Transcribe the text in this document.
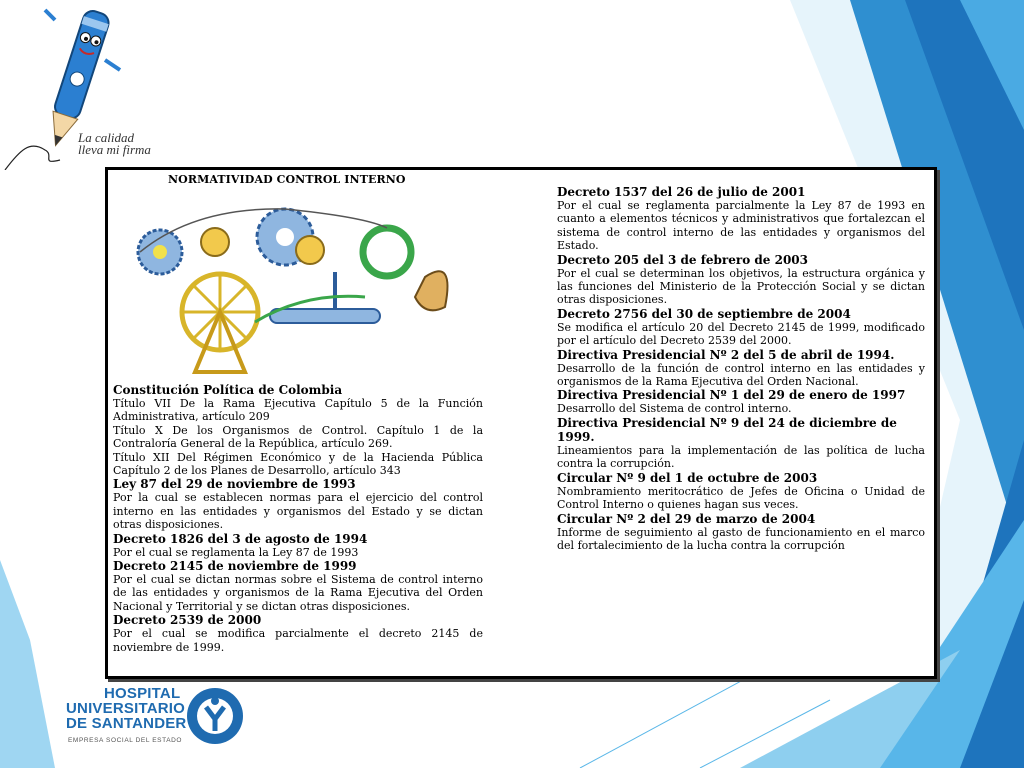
La calidad
lleva mi firma
NORMATIVIDAD CONTROL INTERNO
Constitución Política de Colombia
Título VII De la Rama Ejecutiva Capítulo 5 de la Función Administrativa, artículo 209
Título X De los Organismos de Control. Capítulo 1 de la Contraloría General de la República, artículo 269.
Título XII Del Régimen Económico y de la Hacienda Pública Capítulo 2 de los Planes de Desarrollo, artículo 343
Ley 87 del 29 de noviembre de 1993
Por la cual se establecen normas para el ejercicio del control interno en las entidades y organismos del Estado y se dictan otras disposiciones.
Decreto 1826 del 3 de agosto de 1994
Por el cual se reglamenta la Ley 87 de 1993
Decreto 2145 de noviembre de 1999
Por el cual se dictan normas sobre el Sistema de control interno de las entidades y organismos de la Rama Ejecutiva del Orden Nacional y Territorial y se dictan otras disposiciones.
Decreto 2539 de 2000
Por el cual se modifica parcialmente el decreto 2145 de noviembre de 1999.
Decreto 1537 del 26 de julio de 2001
Por el cual se reglamenta parcialmente la Ley 87 de 1993 en cuanto a elementos técnicos y administrativos que fortalezcan el sistema de control interno de las entidades y organismos del Estado.
Decreto 205 del 3 de febrero de 2003
Por el cual se determinan los objetivos, la estructura orgánica y las funciones del Ministerio de la Protección Social y se dictan otras disposiciones.
Decreto 2756 del 30 de septiembre de 2004
Se modifica el artículo 20 del Decreto 2145 de 1999, modificado por el artículo del Decreto 2539 del 2000.
Directiva Presidencial Nº 2 del 5 de abril de 1994.
Desarrollo de la función de control interno en las entidades y organismos de la Rama Ejecutiva del Orden Nacional.
Directiva Presidencial Nº 1 del 29 de enero de 1997
Desarrollo del Sistema de control interno.
Directiva Presidencial Nº 9 del 24 de diciembre de 1999.
Lineamientos para la implementación de las política de lucha contra la corrupción.
Circular Nº 9 del 1 de octubre de 2003
Nombramiento meritocrático de Jefes de Oficina o Unidad de Control Interno o quienes hagan sus veces.
Circular Nº 2 del 29 de marzo de 2004
Informe de seguimiento al gasto de funcionamiento en el marco del fortalecimiento de la lucha contra la corrupción
HOSPITAL
UNIVERSITARIO
DE SANTANDER
EMPRESA SOCIAL DEL ESTADO
